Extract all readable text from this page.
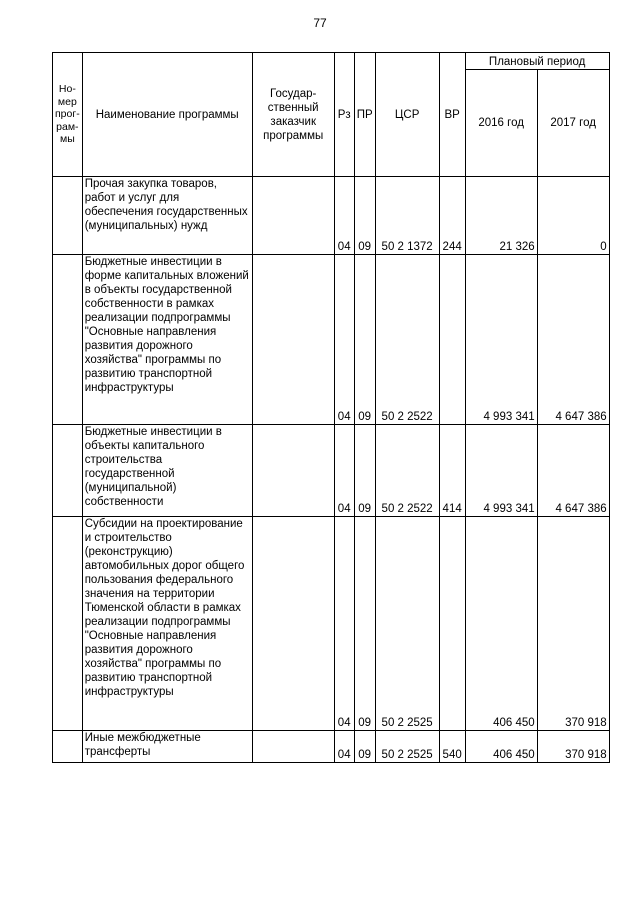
77
Но-
мер
прог-
рам-
мы	Наименование программы	Государ-
ственный
заказчик
программы	Рз	ПР	ЦСР	ВР	Плановый период	
							2016 год	2017 год

	Прочая закупка товаров, работ и услуг для обеспечения государственных (муниципальных) нужд		04	09	50 2 1372	244	21 326	0
	Бюджетные инвестиции в форме капитальных вложений в объекты государственной собственности в рамках реализации подпрограммы "Основные направления развития дорожного хозяйства" программы по развитию транспортной инфраструктуры		04	09	50 2 2522		4 993 341	4 647 386
	Бюджетные инвестиции в объекты капитального строительства государственной (муниципальной) собственности		04	09	50 2 2522	414	4 993 341	4 647 386
	Субсидии на проектирование и строительство (реконструкцию) автомобильных дорог общего пользования федерального значения на территории Тюменской области в рамках реализации подпрограммы "Основные направления развития дорожного хозяйства" программы по развитию транспортной инфраструктуры		04	09	50 2 2525		406 450	370 918
	Иные межбюджетные трансферты		04	09	50 2 2525	540	406 450	370 918
